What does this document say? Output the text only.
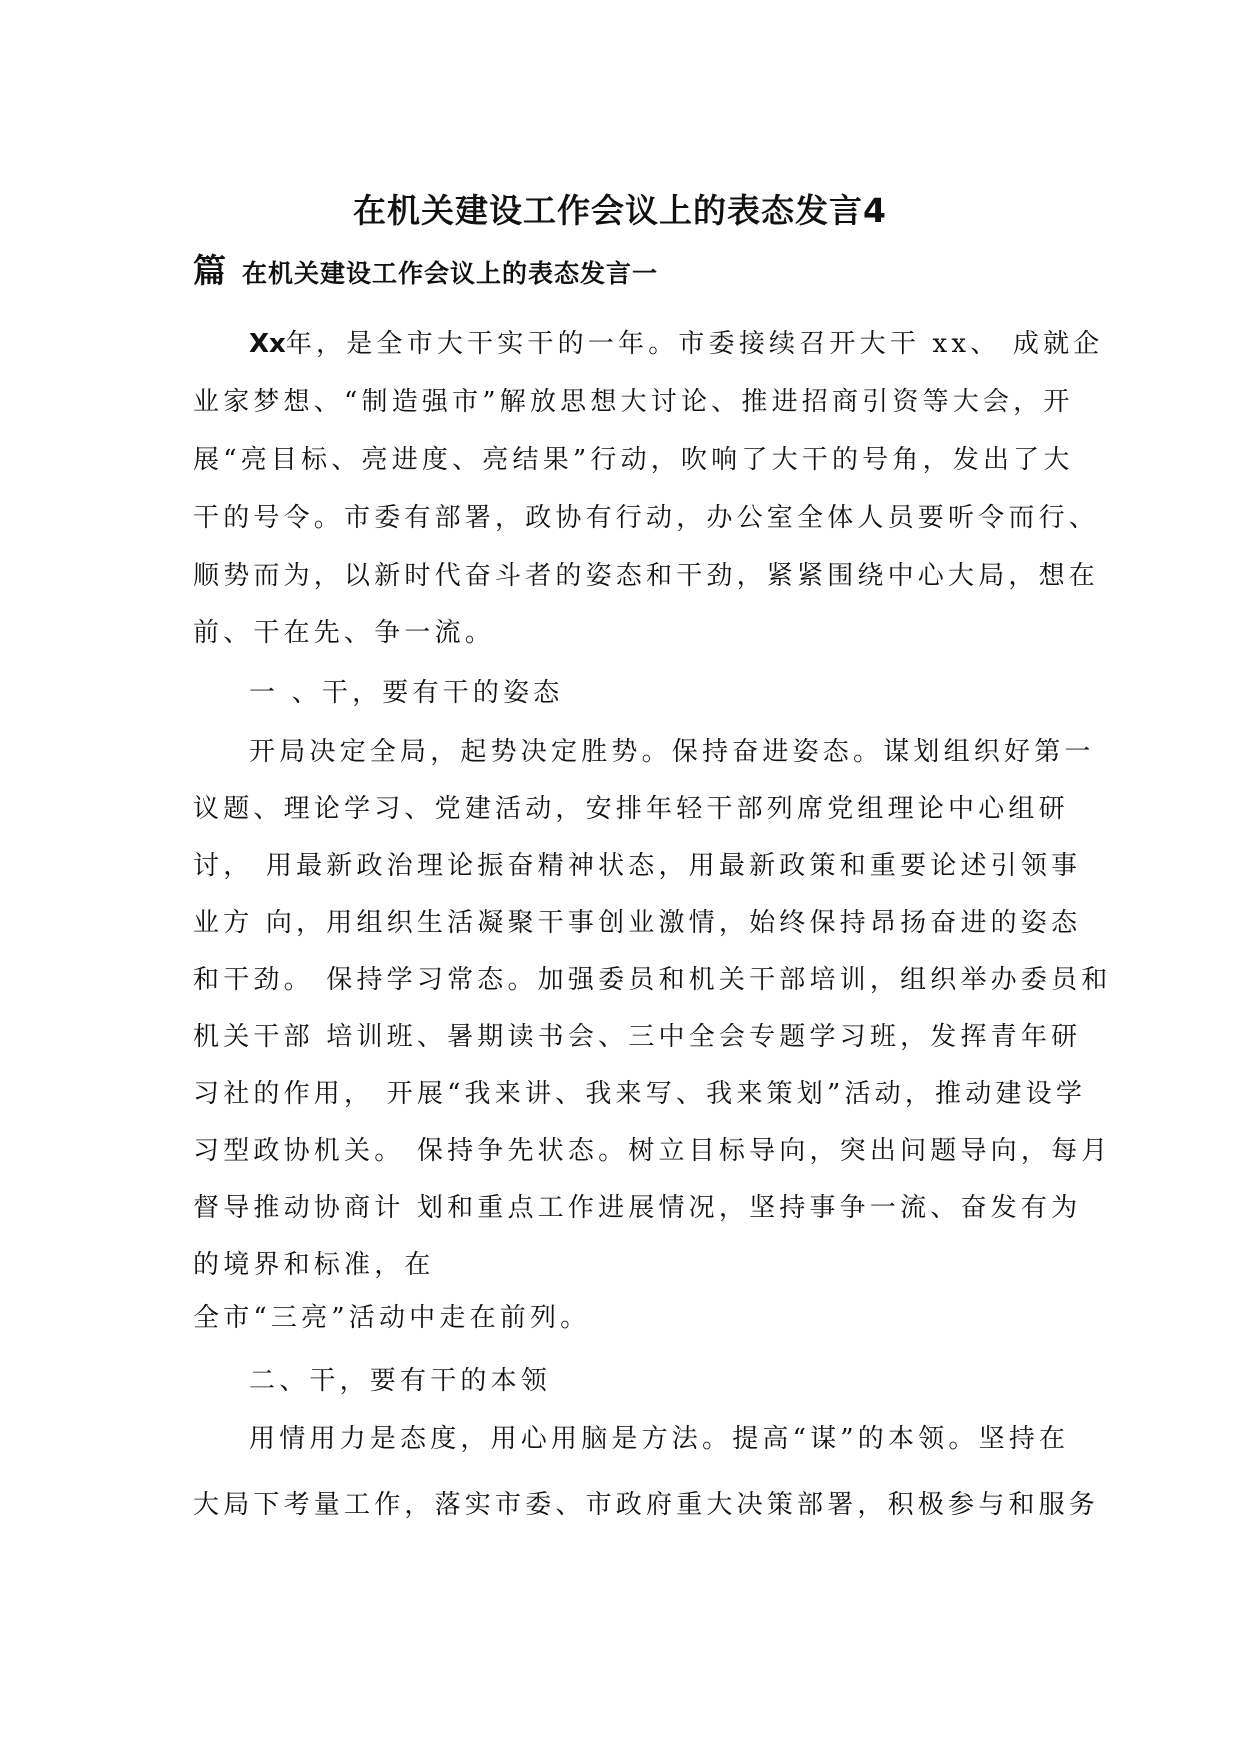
在机关建设工作会议上的表态发言4
篇 在机关建设工作会议上的表态发言一
Xx年，是全市大干实干的一年。市委接续召开大干 xx、 成就企
业家梦想、“制造强市”解放思想大讨论、推进招商引资等大会，开
展“亮目标、亮进度、亮结果”行动，吹响了大干的号角，发出了大
干的号令。市委有部署，政协有行动，办公室全体人员要听令而行、
顺势而为，以新时代奋斗者的姿态和干劲，紧紧围绕中心大局，想在
前、干在先、争一流。
一 、干，要有干的姿态
开局决定全局，起势决定胜势。保持奋进姿态。谋划组织好第一
议题、理论学习、党建活动，安排年轻干部列席党组理论中心组研
讨， 用最新政治理论振奋精神状态，用最新政策和重要论述引领事
业方 向，用组织生活凝聚干事创业激情，始终保持昂扬奋进的姿态
和干劲。 保持学习常态。加强委员和机关干部培训，组织举办委员和
机关干部 培训班、暑期读书会、三中全会专题学习班，发挥青年研
习社的作用， 开展“我来讲、我来写、我来策划”活动，推动建设学
习型政协机关。 保持争先状态。树立目标导向，突出问题导向，每月
督导推动协商计 划和重点工作进展情况，坚持事争一流、奋发有为
的境界和标准，在
全市“三亮”活动中走在前列。
二、干，要有干的本领
用情用力是态度，用心用脑是方法。提高“谋”的本领。坚持在
大局下考量工作，落实市委、市政府重大决策部署，积极参与和服务
